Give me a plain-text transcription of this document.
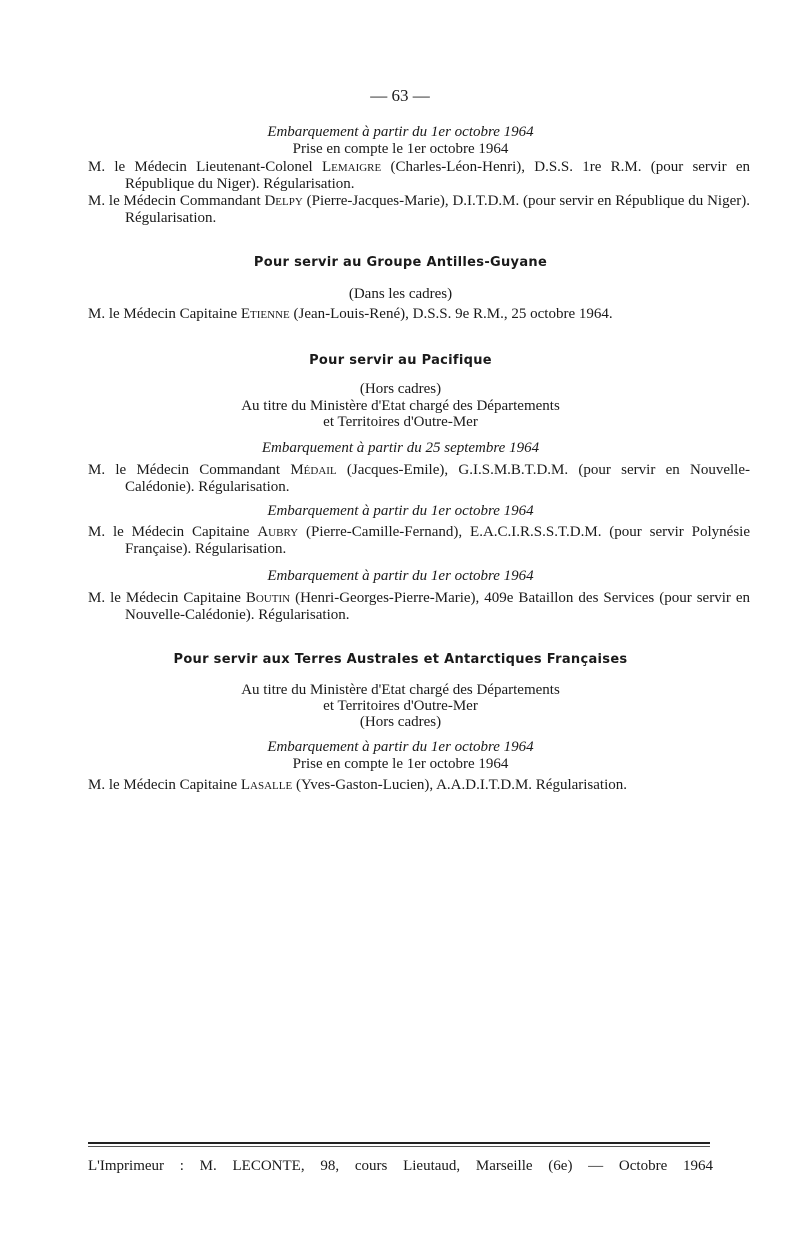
— 63 —
Embarquement à partir du 1er octobre 1964
Prise en compte le 1er octobre 1964
M. le Médecin Lieutenant-Colonel Lemaigre (Charles-Léon-Henri), D.S.S. 1re R.M. (pour servir en République du Niger). Régularisation.
M. le Médecin Commandant Delpy (Pierre-Jacques-Marie), D.I.T.D.M. (pour servir en République du Niger). Régularisation.
Pour servir au Groupe Antilles-Guyane
(Dans les cadres)
M. le Médecin Capitaine Etienne (Jean-Louis-René), D.S.S. 9e R.M., 25 octobre 1964.
Pour servir au Pacifique
(Hors cadres)
Au titre du Ministère d'Etat chargé des Départements
et Territoires d'Outre-Mer
Embarquement à partir du 25 septembre 1964
M. le Médecin Commandant Médail (Jacques-Emile), G.I.S.M.B.T.D.M. (pour servir en Nouvelle-Calédonie). Régularisation.
Embarquement à partir du 1er octobre 1964
M. le Médecin Capitaine Aubry (Pierre-Camille-Fernand), E.A.C.I.R.S.S.T.D.M. (pour servir Polynésie Française). Régularisation.
Embarquement à partir du 1er octobre 1964
M. le Médecin Capitaine Boutin (Henri-Georges-Pierre-Marie), 409e Bataillon des Services (pour servir en Nouvelle-Calédonie). Régularisation.
Pour servir aux Terres Australes et Antarctiques Françaises
Au titre du Ministère d'Etat chargé des Départements
et Territoires d'Outre-Mer
(Hors cadres)
Embarquement à partir du 1er octobre 1964
Prise en compte le 1er octobre 1964
M. le Médecin Capitaine Lasalle (Yves-Gaston-Lucien), A.A.D.I.T.D.M. Régularisation.
L'Imprimeur : M. LECONTE, 98, cours Lieutaud, Marseille (6e) — Octobre 1964
